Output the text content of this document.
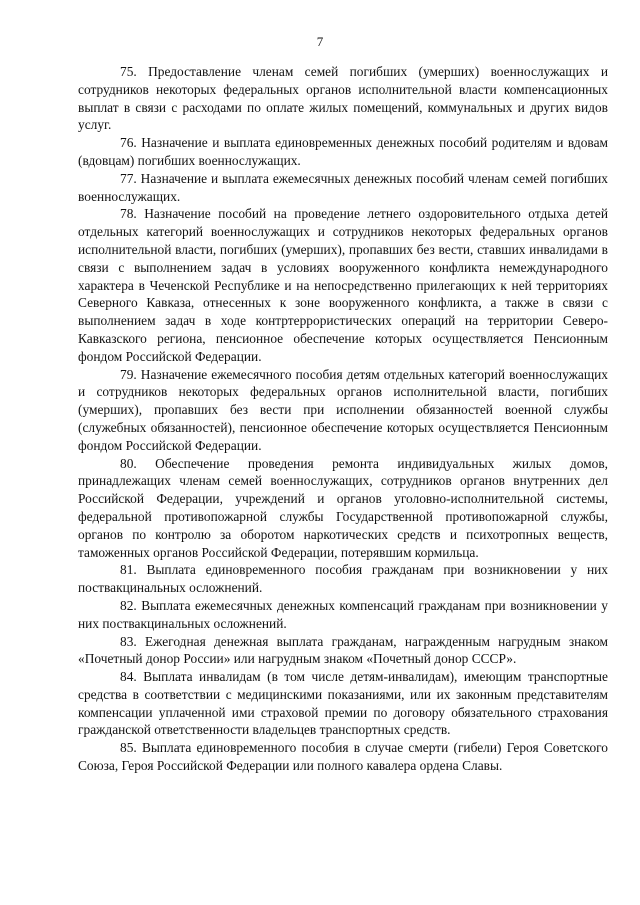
7

75. Предоставление членам семей погибших (умерших) военнослужащих и сотрудников некоторых федеральных органов исполнительной власти компенсационных выплат в связи с расходами по оплате жилых помещений, коммунальных и других видов услуг.

76. Назначение и выплата единовременных денежных пособий родителям и вдовам (вдовцам) погибших военнослужащих.

77. Назначение и выплата ежемесячных денежных пособий членам семей погибших военнослужащих.

78. Назначение пособий на проведение летнего оздоровительного отдыха детей отдельных категорий военнослужащих и сотрудников некоторых федеральных органов исполнительной власти, погибших (умерших), пропавших без вести, ставших инвалидами в связи с выполнением задач в условиях вооруженного конфликта немеждународного характера в Чеченской Республике и на непосредственно прилегающих к ней территориях Северного Кавказа, отнесенных к зоне вооруженного конфликта, а также в связи с выполнением задач в ходе контртеррористических операций на территории Северо-Кавказского региона, пенсионное обеспечение которых осуществляется Пенсионным фондом Российской Федерации.

79. Назначение ежемесячного пособия детям отдельных категорий военнослужащих и сотрудников некоторых федеральных органов исполнительной власти, погибших (умерших), пропавших без вести при исполнении обязанностей военной службы (служебных обязанностей), пенсионное обеспечение которых осуществляется Пенсионным фондом Российской Федерации.

80. Обеспечение проведения ремонта индивидуальных жилых домов, принадлежащих членам семей военнослужащих, сотрудников органов внутренних дел Российской Федерации, учреждений и органов уголовно-исполнительной системы, федеральной противопожарной службы Государственной противопожарной службы, органов по контролю за оборотом наркотических средств и психотропных веществ, таможенных органов Российской Федерации, потерявшим кормильца.

81. Выплата единовременного пособия гражданам при возникновении у них поствакцинальных осложнений.

82. Выплата ежемесячных денежных компенсаций гражданам при возникновении у них поствакцинальных осложнений.

83. Ежегодная денежная выплата гражданам, награжденным нагрудным знаком «Почетный донор России» или нагрудным знаком «Почетный донор СССР».

84. Выплата инвалидам (в том числе детям-инвалидам), имеющим транспортные средства в соответствии с медицинскими показаниями, или их законным представителям компенсации уплаченной ими страховой премии по договору обязательного страхования гражданской ответственности владельцев транспортных средств.

85. Выплата единовременного пособия в случае смерти (гибели) Героя Советского Союза, Героя Российской Федерации или полного кавалера ордена Славы.
